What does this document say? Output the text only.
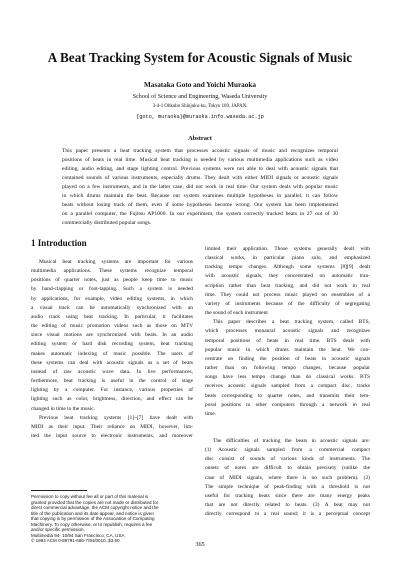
A Beat Tracking System for Acoustic Signals of Music
Masataka Goto and Yoichi Muraoka
School of Science and Engineering, Waseda University
3-4-1 Ohkubo Shinjuku-ku, Tokyo 169, JAPAN.
{goto, muraoka}@muraoka.info.waseda.ac.jp
Abstract
This paper presents a beat tracking system that processes acoustic signals of music and recognizes temporal
positions of beats in real time. Musical beat tracking is needed by various multimedia applications such as video
editing, audio editing, and stage lighting control. Previous systems were not able to deal with acoustic signals that
contained sounds of various instruments, especially drums. They dealt with either MIDI signals or acoustic signals
played on a few instruments, and in the latter case, did not work in real time. Our system deals with popular music
in which drums maintain the beat. Because our system examines multiple hypotheses in parallel, it can follow
beats without losing track of them, even if some hypotheses become wrong. Our system has been implemented
on a parallel computer, the Fujitsu AP1000. In our experiment, the system correctly tracked beats in 27 out of 30
commercially distributed popular songs.
1 Introduction
Musical beat tracking systems are important for various
multimedia applications. These systems recognize temporal
positions of quarter notes, just as people keep time to music
by hand-clapping or foot-tapping. Such a system is needed
by applications, for example, video editing systems, in which
a visual track can be automatically synchronized with an
audio track using beat tracking. In particular, it facilitates
the editing of music promotion videos such as those on MTV
since visual motions are synchronized with beats. In an audio
editing system or hard disk recording system, beat tracking
makes automatic indexing of music possible. The users of
these systems can deal with acoustic signals as a set of beats
instead of raw acoustic wave data. In live performances,
furthermore, beat tracking is useful in the control of stage
lighting by a computer. For instance, various properties of
lighting such as color, brightness, direction, and effect can be
changed in time to the music.
Previous beat tracking systems [1]~[7] have dealt with
MIDI as their input. Their reliance on MIDI, however, lim-
ited the input source to electronic instruments, and moreover
limited their application. Those systems generally dealt with
classical works, in particular piano solo, and emphasized
tracking tempo changes. Although some systems [8][9] dealt
with acoustic signals, they concentrated on automatic tran-
scription rather than beat tracking, and did not work in real
time. They could not process music played on ensembles of a
variety of instruments because of the difficulty of segregating
the sound of each instrument.
This paper describes a beat tracking system, called BTS,
which processes monaural acoustic signals and recognizes
temporal positions of beats in real time. BTS deals with
popular music in which drums maintain the beat. We con-
centrate on finding the position of beats in acoustic signals
rather than on following tempo changes, because popular
songs have less tempo change than do classical works. BTS
receives acoustic signals sampled from a compact disc, tracks
beats corresponding to quarter notes, and transmits their tem-
poral positions to other computers through a network in real
time.
The difficulties of tracking the beats in acoustic signals are:
(1) Acoustic signals sampled from a commercial compact
disc consist of sounds of various kinds of instruments. The
onsets of notes are difficult to obtain precisely (unlike the
case of MIDI signals, where there is no such problem). (2)
The simple technique of peak-finding with a threshold is not
useful for tracking beats since there are many energy peaks
that are not directly related to beats. (3) A beat may not
directly correspond to a real sound; it is a perceptual concept
Permission to copy without fee all or part of this material is
granted provided that the copies are not made or distributed for
direct commercial advantage, the ACM copyright notice and the
title of the publication and its date appear, and notice is given
that copying is by permission of the Association of Computing
Machinery. To copy otherwise, or to republish, requires a fee
and/or specific permission.
Multimedia 94- 10/94 San Francisco, CA, USA
© 1994 ACM 0-89791-686-7/94/0010..$3.50
365
